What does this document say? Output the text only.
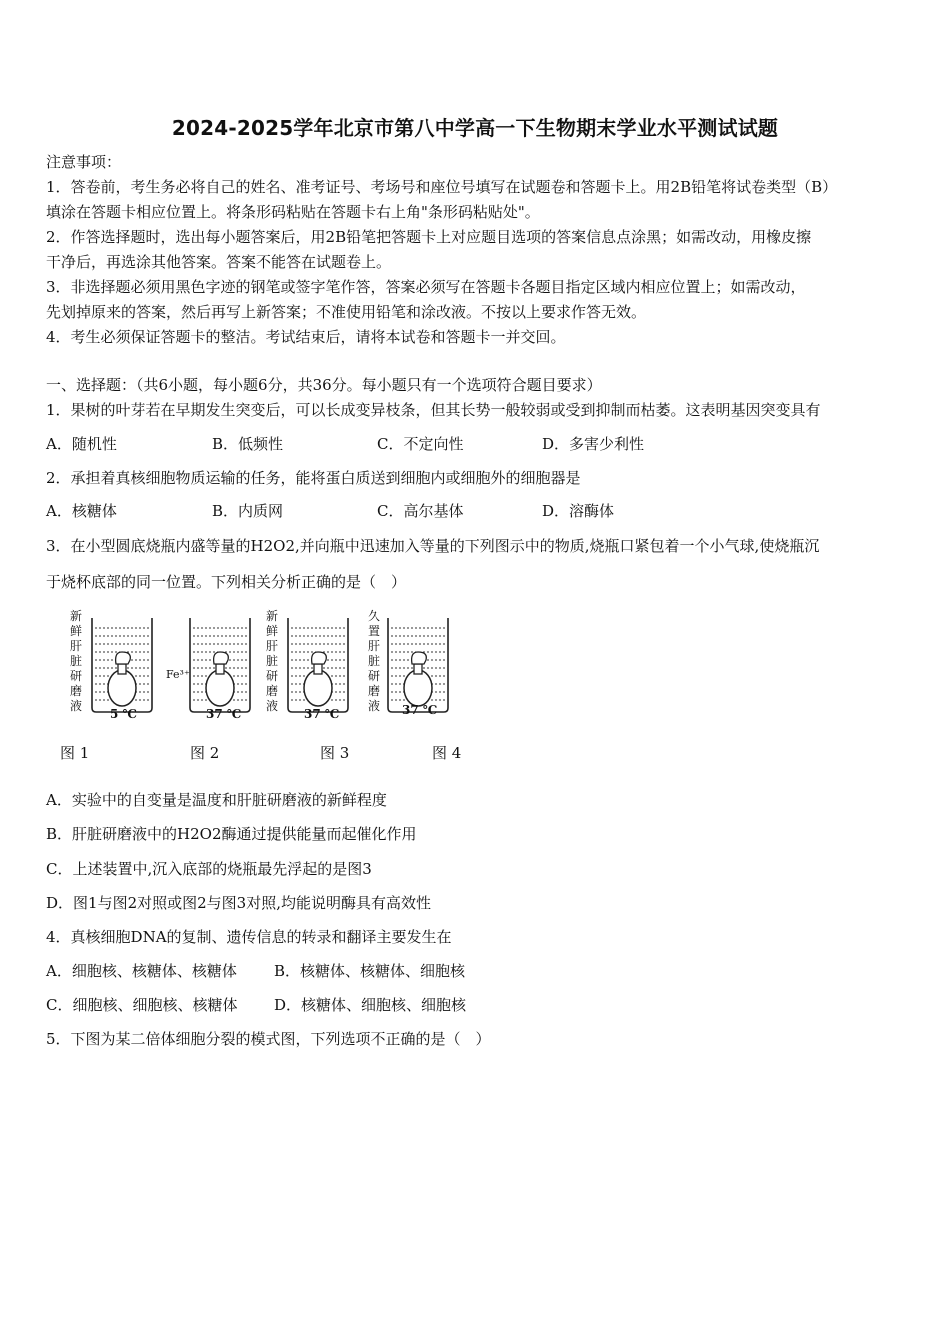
2024-2025学年北京市第八中学高一下生物期末学业水平测试试题
注意事项：
1．答卷前，考生务必将自己的姓名、准考证号、考场号和座位号填写在试题卷和答题卡上。用2B铅笔将试卷类型（B）
填涂在答题卡相应位置上。将条形码粘贴在答题卡右上角"条形码粘贴处"。
2．作答选择题时，选出每小题答案后，用2B铅笔把答题卡上对应题目选项的答案信息点涂黑；如需改动，用橡皮擦
干净后，再选涂其他答案。答案不能答在试题卷上。
3．非选择题必须用黑色字迹的钢笔或签字笔作答，答案必须写在答题卡各题目指定区域内相应位置上；如需改动，
先划掉原来的答案，然后再写上新答案；不准使用铅笔和涂改液。不按以上要求作答无效。
4．考生必须保证答题卡的整洁。考试结束后，请将本试卷和答题卡一并交回。
一、选择题：（共6小题，每小题6分，共36分。每小题只有一个选项符合题目要求）
1．果树的叶芽若在早期发生突变后，可以长成变异枝条，但其长势一般较弱或受到抑制而枯萎。这表明基因突变具有
A．随机性	B．低频性	C．不定向性	D．多害少利性
2．承担着真核细胞物质运输的任务，能将蛋白质送到细胞内或细胞外的细胞器是
A．核糖体	B．内质网	C．高尔基体	D．溶酶体
3．在小型圆底烧瓶内盛等量的H2O2,并向瓶中迅速加入等量的下列图示中的物质,烧瓶口紧包着一个小气球,使烧瓶沉
于烧杯底部的同一位置。下列相关分析正确的是（　）
新
鲜
肝
脏
研
磨
液
Fe³⁺
新
鲜
肝
脏
研
磨
液
久
置
肝
脏
研
磨
液
5 ℃	37 ℃	37 ℃	37 ℃
图 1	图 2	图 3	图 4
A．实验中的自变量是温度和肝脏研磨液的新鲜程度
B．肝脏研磨液中的H2O2酶通过提供能量而起催化作用
C．上述装置中,沉入底部的烧瓶最先浮起的是图3
D．图1与图2对照或图2与图3对照,均能说明酶具有高效性
4．真核细胞DNA的复制、遗传信息的转录和翻译主要发生在
A．细胞核、核糖体、核糖体 B．核糖体、核糖体、细胞核
C．细胞核、细胞核、核糖体 D．核糖体、细胞核、细胞核
5．下图为某二倍体细胞分裂的模式图，下列选项不正确的是（　）
